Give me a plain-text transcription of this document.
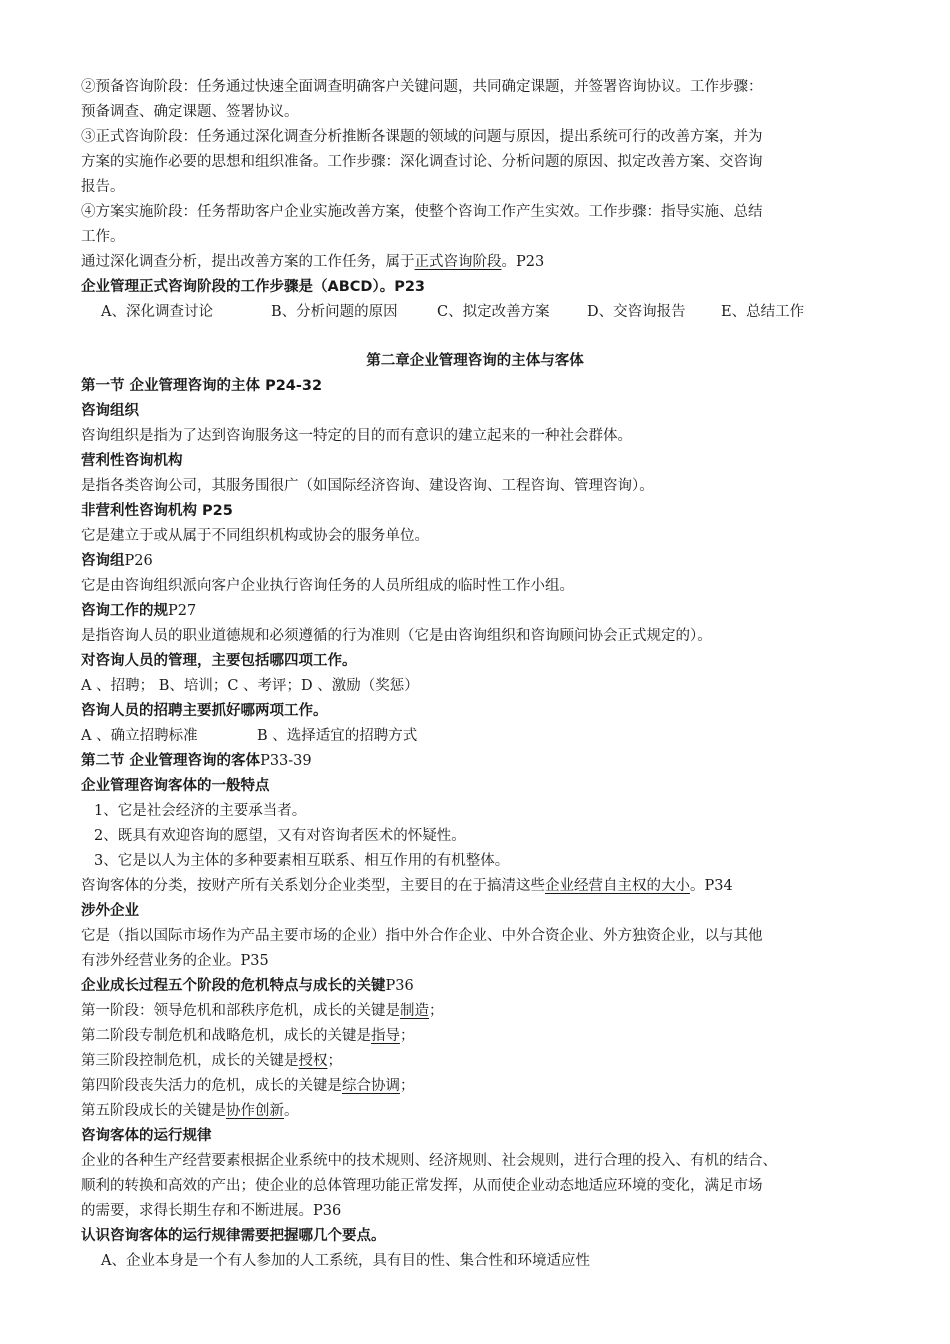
②预备咨询阶段：任务通过快速全面调查明确客户关键问题，共同确定课题，并签署咨询协议。工作步骤：
预备调查、确定课题、签署协议。
③正式咨询阶段：任务通过深化调查分析推断各课题的领域的问题与原因，提出系统可行的改善方案，并为
方案的实施作必要的思想和组织准备。工作步骤：深化调查讨论、分析问题的原因、拟定改善方案、交咨询
报告。
④方案实施阶段：任务帮助客户企业实施改善方案，使整个咨询工作产生实效。工作步骤：指导实施、总结
工作。
通过深化调查分析，提出改善方案的工作任务，属于正式咨询阶段。P23
企业管理正式咨询阶段的工作步骤是（ABCD）。P23
A、深化调查讨论	B、分析问题的原因	C、拟定改善方案	D、交咨询报告 E、总结工作
第二章企业管理咨询的主体与客体
第一节 企业管理咨询的主体 P24-32
咨询组织
咨询组织是指为了达到咨询服务这一特定的目的而有意识的建立起来的一种社会群体。
营利性咨询机构
是指各类咨询公司，其服务围很广（如国际经济咨询、建设咨询、工程咨询、管理咨询）。
非营利性咨询机构 P25
它是建立于或从属于不同组织机构或协会的服务单位。
咨询组P26
它是由咨询组织派向客户企业执行咨询任务的人员所组成的临时性工作小组。
咨询工作的规P27
是指咨询人员的职业道德规和必须遵循的行为准则（它是由咨询组织和咨询顾问协会正式规定的）。
对咨询人员的管理，主要包括哪四项工作。
A 、招聘； B、培训；C 、考评；D 、激励（奖惩）
咨询人员的招聘主要抓好哪两项工作。
A 、确立招聘标准	B 、选择适宜的招聘方式
第二节 企业管理咨询的客体P33-39
企业管理咨询客体的一般特点
1、它是社会经济的主要承当者。
2、既具有欢迎咨询的愿望，又有对咨询者医术的怀疑性。
3、它是以人为主体的多种要素相互联系、相互作用的有机整体。
咨询客体的分类，按财产所有关系划分企业类型，主要目的在于搞清这些企业经营自主权的大小。P34
涉外企业
它是（指以国际市场作为产品主要市场的企业）指中外合作企业、中外合资企业、外方独资企业，以与其他
有涉外经营业务的企业。P35
企业成长过程五个阶段的危机特点与成长的关键P36
第一阶段：领导危机和部秩序危机，成长的关键是制造；
第二阶段专制危机和战略危机，成长的关键是指导；
第三阶段控制危机，成长的关键是授权；
第四阶段丧失活力的危机，成长的关键是综合协调；
第五阶段成长的关键是协作创新。
咨询客体的运行规律
企业的各种生产经营要素根据企业系统中的技术规则、经济规则、社会规则，进行合理的投入、有机的结合、
顺利的转换和高效的产出；使企业的总体管理功能正常发挥，从而使企业动态地适应环境的变化，满足市场
的需要，求得长期生存和不断进展。P36
认识咨询客体的运行规律需要把握哪几个要点。
A、企业本身是一个有人参加的人工系统，具有目的性、集合性和环境适应性
